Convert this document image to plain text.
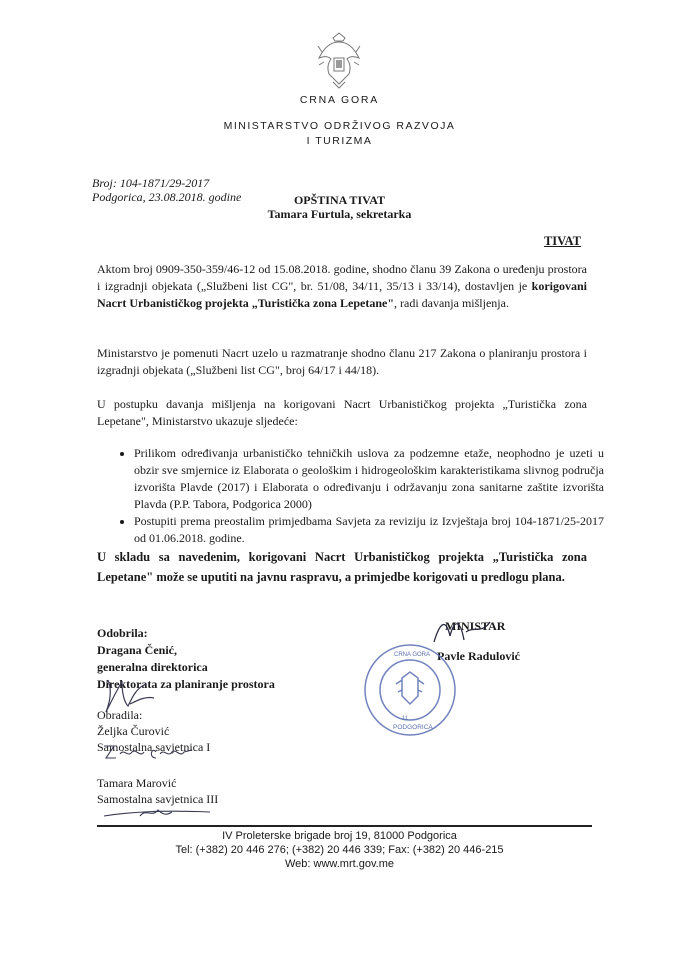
CRNA GORA
MINISTARSTVO ODRŽIVOG RAZVOJA
I TURIZMA
Broj: 104-1871/29-2017
Podgorica, 23.08.2018. godine	OPŠTINA TIVAT
Tamara Furtula, sekretarka
TIVAT
Aktom broj 0909-350-359/46-12 od 15.08.2018. godine, shodno članu 39 Zakona o uređenju prostora i izgradnji objekata („Službeni list CG", br. 51/08, 34/11, 35/13 i 33/14), dostavljen je korigovani Nacrt Urbanističkog projekta „Turistička zona Lepetane", radi davanja mišljenja.
Ministarstvo je pomenuti Nacrt uzelo u razmatranje shodno članu 217 Zakona o planiranju prostora i izgradnji objekata („Službeni list CG", broj 64/17 i 44/18).
U postupku davanja mišljenja na korigovani Nacrt Urbanističkog projekta „Turistička zona Lepetane", Ministarstvo ukazuje sljedeće:
• Prilikom određivanja urbanističko tehničkih uslova za podzemne etaže, neophodno je uzeti u obzir sve smjernice iz Elaborata o geološkim i hidrogeološkim karakteristikama slivnog područja izvorišta Plavde (2017) i Elaborata o određivanju i održavanju zona sanitarne zaštite izvorišta Plavda (P.P. Tabora, Podgorica 2000)
• Postupiti prema preostalim primjedbama Savjeta za reviziju iz Izvještaja broj 104-1871/25-2017 od 01.06.2018. godine.
U skladu sa navedenim, korigovani Nacrt Urbanističkog projekta „Turistička zona Lepetane" može se uputiti na javnu raspravu, a primjedbe korigovati u predlogu plana.
Odobrila:
Dragana Čenić,
generalna direktorica
Direktorata za planiranje prostora
Obradila:
Željka Čurović
Samostalna savjetnica I
Tamara Marović
Samostalna savjetnica III
MINISTAR
Pavle Radulović
11
PODGORICA
CRNA GORA
IV Proleterske brigade broj 19, 81000 Podgorica
Tel: (+382) 20 446 276; (+382) 20 446 339; Fax: (+382) 20 446-215
Web: www.mrt.gov.me
